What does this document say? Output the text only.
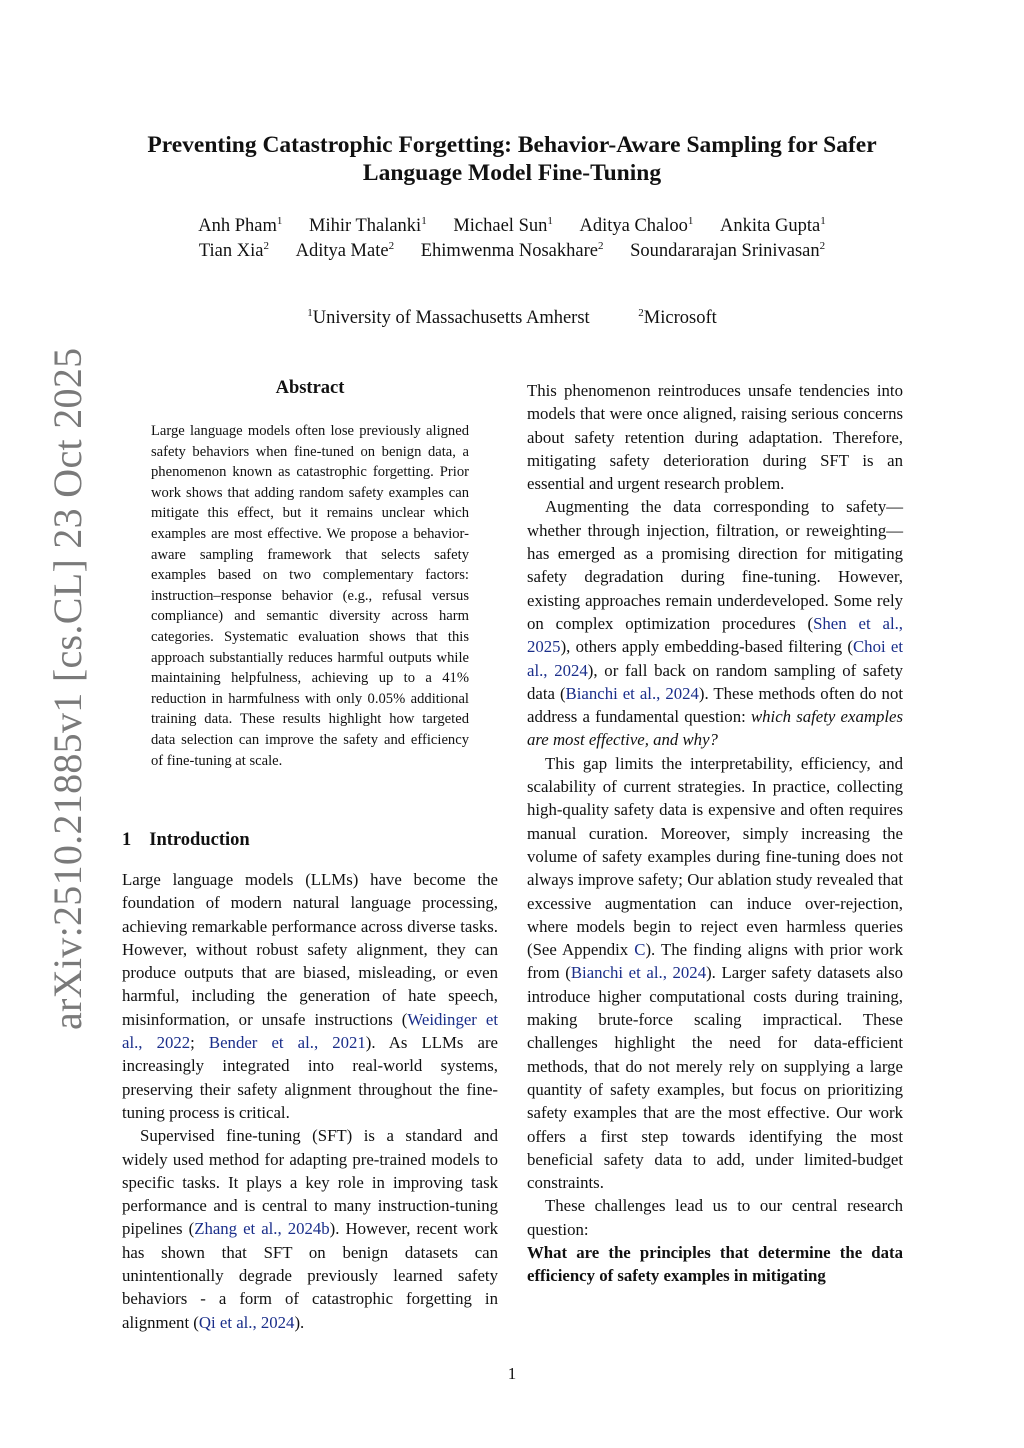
arXiv:2510.21885v1 [cs.CL] 23 Oct 2025
Preventing Catastrophic Forgetting: Behavior-Aware Sampling for Safer
Language Model Fine-Tuning
Anh Pham$^1$ Mihir Thalanki$^1$ Michael Sun$^1$ Aditya Chaloo$^1$ Ankita Gupta$^1$
Tian Xia$^2$ Aditya Mate$^2$ Ehimwenma Nosakhare$^2$ Soundararajan Srinivasan$^2$
$^1$University of Massachusetts Amherst	$^2$Microsoft
Abstract
Large language models often lose previously aligned safety behaviors when fine-tuned on benign data, a phenomenon known as catastrophic forgetting. Prior work shows that adding random safety examples can mitigate this effect, but it remains unclear which examples are most effective. We propose a behavior-aware sampling framework that selects safety examples based on two complementary factors: instruction–response behavior (e.g., refusal versus compliance) and semantic diversity across harm categories. Systematic evaluation shows that this approach substantially reduces harmful outputs while maintaining helpfulness, achieving up to a 41% reduction in harmfulness with only 0.05% additional training data. These results highlight how targeted data selection can improve the safety and efficiency of fine-tuning at scale.
1 Introduction

Large language models (LLMs) have become the foundation of modern natural language processing, achieving remarkable performance across diverse tasks. However, without robust safety alignment, they can produce outputs that are biased, misleading, or even harmful, including the generation of hate speech, misinformation, or unsafe instructions (Weidinger et al., 2022; Bender et al., 2021). As LLMs are increasingly integrated into real-world systems, preserving their safety alignment throughout the fine-tuning process is critical.

Supervised fine-tuning (SFT) is a standard and widely used method for adapting pre-trained models to specific tasks. It plays a key role in improving task performance and is central to many instruction-tuning pipelines (Zhang et al., 2024b). However, recent work has shown that SFT on benign datasets can unintentionally degrade previously learned safety behaviors - a form of catastrophic forgetting in alignment (Qi et al., 2024).

This phenomenon reintroduces unsafe tendencies into models that were once aligned, raising serious concerns about safety retention during adaptation. Therefore, mitigating safety deterioration during SFT is an essential and urgent research problem.

Augmenting the data corresponding to safety—whether through injection, filtration, or reweighting—has emerged as a promising direction for mitigating safety degradation during fine-tuning. However, existing approaches remain underdeveloped. Some rely on complex optimization procedures (Shen et al., 2025), others apply embedding-based filtering (Choi et al., 2024), or fall back on random sampling of safety data (Bianchi et al., 2024). These methods often do not address a fundamental question: which safety examples are most effective, and why?

This gap limits the interpretability, efficiency, and scalability of current strategies. In practice, collecting high-quality safety data is expensive and often requires manual curation. Moreover, simply increasing the volume of safety examples during fine-tuning does not always improve safety; Our ablation study revealed that excessive augmentation can induce over-rejection, where models begin to reject even harmless queries (See Appendix C). The finding aligns with prior work from (Bianchi et al., 2024). Larger safety datasets also introduce higher computational costs during training, making brute-force scaling impractical. These challenges highlight the need for data-efficient methods, that do not merely rely on supplying a large quantity of safety examples, but focus on prioritizing safety examples that are the most effective. Our work offers a first step towards identifying the most beneficial safety data to add, under limited-budget constraints.

These challenges lead us to our central research question:

What are the principles that determine the data efficiency of safety examples in mitigating

1
